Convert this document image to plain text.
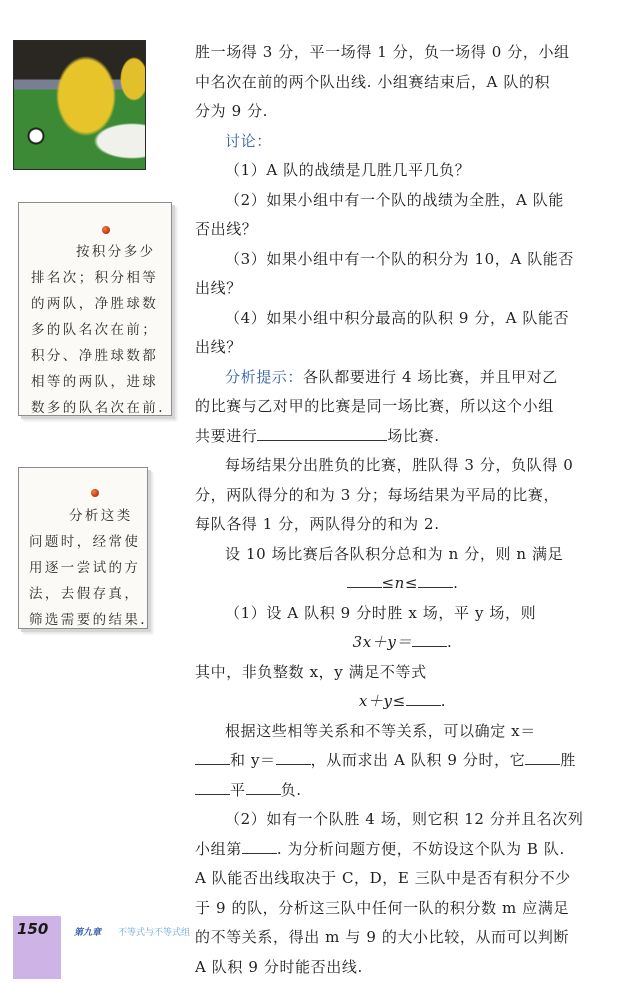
按积分多少排名次；积分相等的两队，净胜球数多的队名次在前；积分、净胜球数都相等的两队，进球数多的队名次在前.
分析这类问题时，经常使用逐一尝试的方法，去假存真，筛选需要的结果.
胜一场得 3 分，平一场得 1 分，负一场得 0 分，小组
中名次在前的两个队出线. 小组赛结束后，A 队的积
分为 9 分.
讨论：
（1）A 队的战绩是几胜几平几负？
（2）如果小组中有一个队的战绩为全胜，A 队能
否出线？
（3）如果小组中有一个队的积分为 10，A 队能否
出线？
（4）如果小组中积分最高的队积 9 分，A 队能否
出线？
分析提示：各队都要进行 4 场比赛，并且甲对乙
的比赛与乙对甲的比赛是同一场比赛，所以这个小组
共要进行	场比赛.
每场结果分出胜负的比赛，胜队得 3 分，负队得 0
分，两队得分的和为 3 分；每场结果为平局的比赛，
每队各得 1 分，两队得分的和为 2.
设 10 场比赛后各队积分总和为 n 分，则 n 满足
≤n≤ .
（1）设 A 队积 9 分时胜 x 场，平 y 场，则
3x＋y＝ .
其中，非负整数 x，y 满足不等式
x＋y≤ .
根据这些相等关系和不等关系，可以确定 x＝
和 y＝ ，从而求出 A 队积 9 分时，它 胜
平 负.
（2）如有一个队胜 4 场，则它积 12 分并且名次列
小组第 . 为分析问题方便，不妨设这个队为 B 队.
A 队能否出线取决于 C，D，E 三队中是否有积分不少
于 9 的队，分析这三队中任何一队的积分数 m 应满足
的不等关系，得出 m 与 9 的大小比较，从而可以判断
A 队积 9 分时能否出线.
150	第九章 不等式与不等式组
